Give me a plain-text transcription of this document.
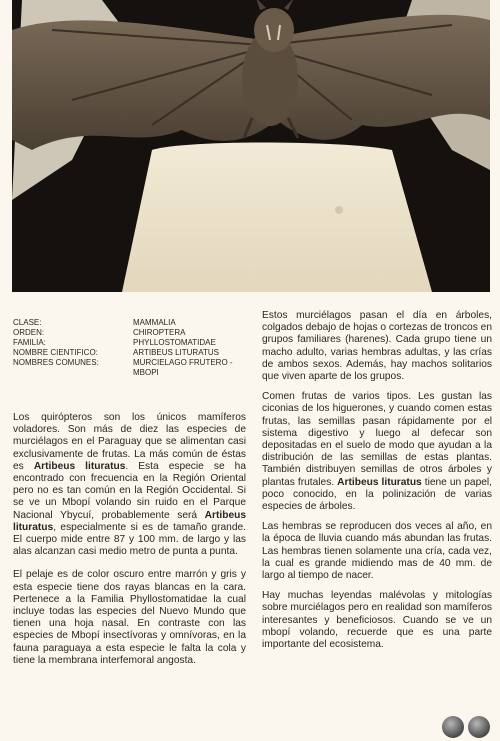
CLASE:	MAMMALIA
ORDEN:	CHIROPTERA
FAMILIA:	PHYLLOSTOMATIDAE
NOMBRE CIENTIFICO:	ARTIBEUS LITURATUS
NOMBRES COMUNES:	MURCIELAGO FRUTERO - MBOPI

Los quirópteros son los únicos mamíferos voladores. Son más de diez las especies de murciélagos en el Paraguay que se alimentan casi exclusivamente de frutas. La más común de éstas es Artibeus lituratus. Esta especie se ha encontrado con frecuencia en la Región Oriental pero no es tan común en la Región Occidental. Si se ve un Mbopí volando sin ruido en el Parque Nacional Ybycuí, probablemente será Artibeus lituratus, especialmente si es de tamaño grande. El cuerpo mide entre 87 y 100 mm. de largo y las alas alcanzan casi medio metro de punta a punta.

El pelaje es de color oscuro entre marrón y gris y esta especie tiene dos rayas blancas en la cara. Pertenece a la Familia Phyllostomatidae la cual incluye todas las especies del Nuevo Mundo que tienen una hoja nasal. En contraste con las especies de Mbopí insectívoras y omnívoras, en la fauna paraguaya a esta especie le falta la cola y tiene la membrana interfemoral angosta.

Estos murciélagos pasan el día en árboles, colgados debajo de hojas o cortezas de troncos en grupos familiares (harenes). Cada grupo tiene un macho adulto, varias hembras adultas, y las crías de ambos sexos. Además, hay machos solitarios que viven aparte de los grupos.

Comen frutas de varios tipos. Les gustan las ciconias de los higuerones, y cuando comen estas frutas, las semillas pasan rápidamente por el sistema digestivo y luego al defecar son depositadas en el suelo de modo que ayudan a la distribución de las semillas de estas plantas. También distribuyen semillas de otros árboles y plantas frutales. Artibeus lituratus tiene un papel, poco conocido, en la polinización de varias especies de árboles.

Las hembras se reproducen dos veces al año, en la época de lluvia cuando más abundan las frutas. Las hembras tienen solamente una cría, cada vez, la cual es grande midiendo mas de 40 mm. de largo al tiempo de nacer.

Hay muchas leyendas malévolas y mitologías sobre murciélagos pero en realidad son mamíferos interesantes y beneficiosos. Cuando se ve un mbopí volando, recuerde que es una parte importante del ecosistema.
